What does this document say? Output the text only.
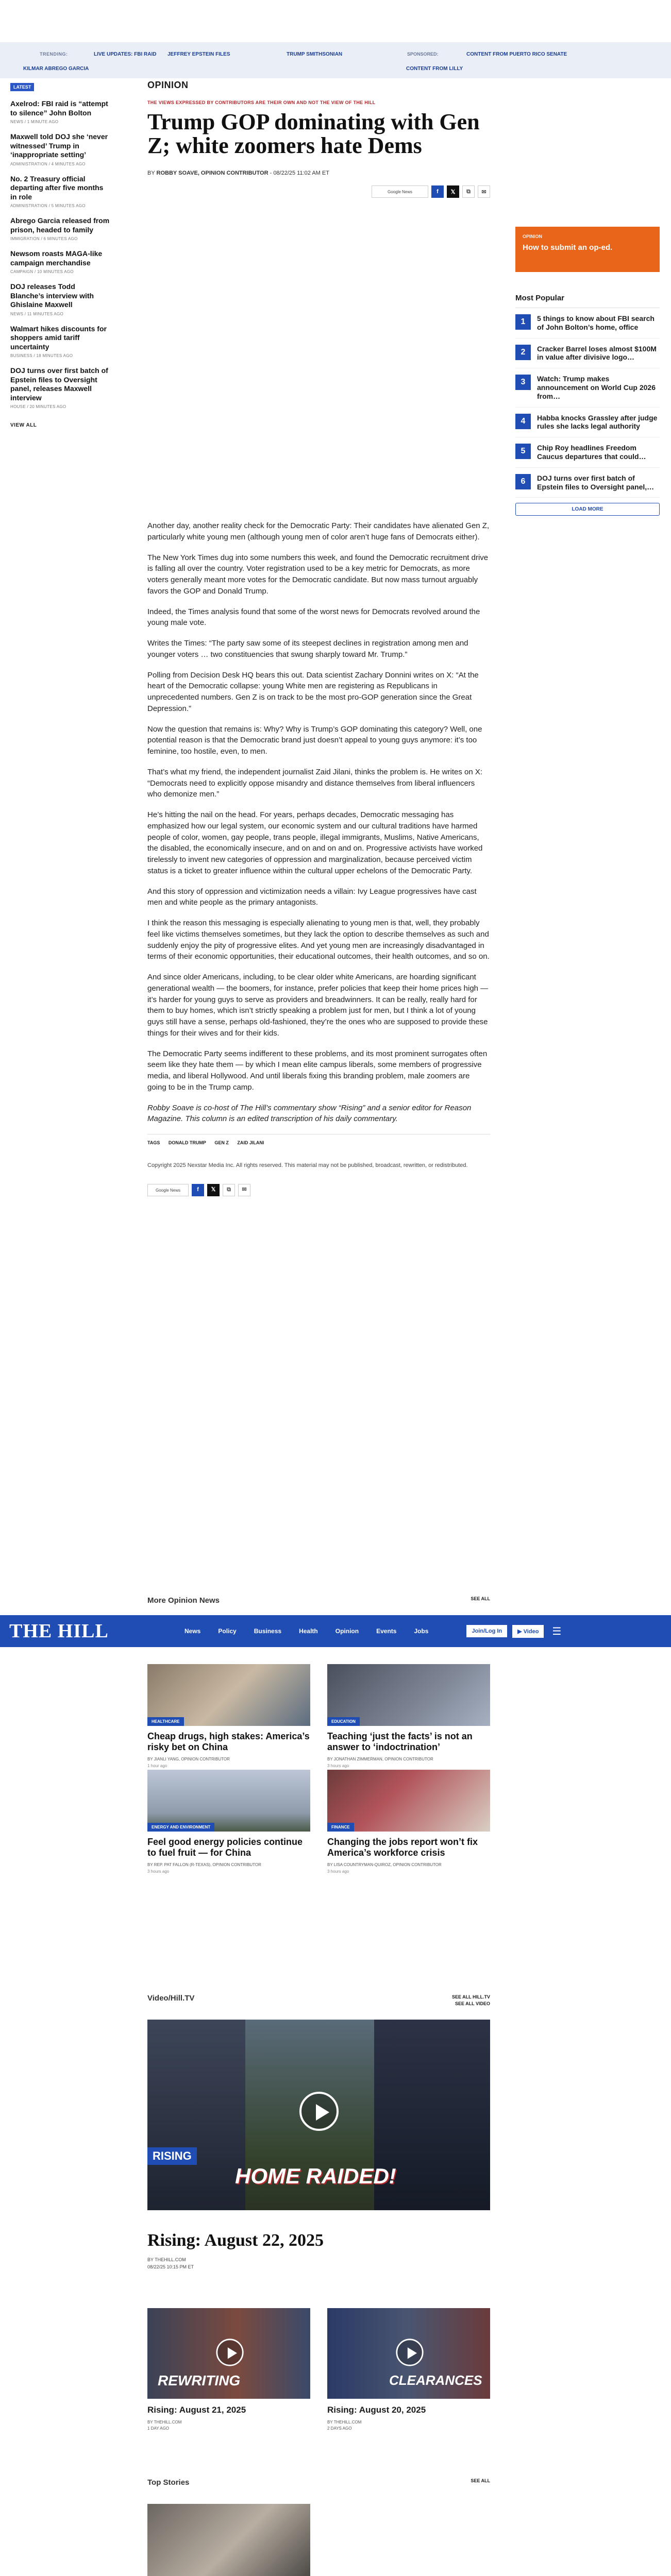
TRENDING:	LIVE UPDATES: FBI RAID JEFFREY EPSTEIN FILES	TRUMP SMITHSONIAN
KILMAR ABREGO GARCIA
SPONSORED:	CONTENT FROM PUERTO RICO SENATE
CONTENT FROM LILLY
LATEST
Axelrod: FBI raid is “attempt to silence” John Bolton
NEWS / 1 MINUTE AGO
Maxwell told DOJ she ‘never witnessed’ Trump in ‘inappropriate setting’
ADMINISTRATION / 4 MINUTES AGO
No. 2 Treasury official departing after five months in role
ADMINISTRATION / 5 MINUTES AGO
Abrego Garcia released from prison, headed to family
IMMIGRATION / 6 MINUTES AGO
Newsom roasts MAGA-like campaign merchandise
CAMPAIGN / 10 MINUTES AGO
DOJ releases Todd Blanche’s interview with Ghislaine Maxwell
NEWS / 11 MINUTES AGO
Walmart hikes discounts for shoppers amid tariff uncertainty
BUSINESS / 18 MINUTES AGO
DOJ turns over first batch of Epstein files to Oversight panel, releases Maxwell interview
HOUSE / 20 MINUTES AGO
VIEW ALL
OPINION
THE VIEWS EXPRESSED BY CONTRIBUTORS ARE THEIR OWN AND NOT THE VIEW OF THE HILL
Trump GOP dominating with Gen Z; white zoomers hate Dems
BY ROBBY SOAVE, OPINION CONTRIBUTOR - 08/22/25 11:02 AM ET
Google News	f	𝕏	⧉	✉

Another day, another reality check for the Democratic Party: Their candidates have alienated Gen Z, particularly white young men (although young men of color aren’t huge fans of Democrats either).

The New York Times dug into some numbers this week, and found the Democratic recruitment drive is falling all over the country. Voter registration used to be a key metric for Democrats, as more voters generally meant more votes for the Democratic candidate. But now mass turnout arguably favors the GOP and Donald Trump.

Indeed, the Times analysis found that some of the worst news for Democrats revolved around the young male vote.

Writes the Times: “The party saw some of its steepest declines in registration among men and younger voters … two constituencies that swung sharply toward Mr. Trump.”

Polling from Decision Desk HQ bears this out. Data scientist Zachary Donnini writes on X: “At the heart of the Democratic collapse: young White men are registering as Republicans in unprecedented numbers. Gen Z is on track to be the most pro-GOP generation since the Great Depression.”

Now the question that remains is: Why? Why is Trump’s GOP dominating this category? Well, one potential reason is that the Democratic brand just doesn’t appeal to young guys anymore: it’s too feminine, too hostile, even, to men.

That’s what my friend, the independent journalist Zaid Jilani, thinks the problem is. He writes on X: “Democrats need to explicitly oppose misandry and distance themselves from liberal influencers who demonize men.”

He’s hitting the nail on the head. For years, perhaps decades, Democratic messaging has emphasized how our legal system, our economic system and our cultural traditions have harmed people of color, women, gay people, trans people, illegal immigrants, Muslims, Native Americans, the disabled, the economically insecure, and on and on and on. Progressive activists have worked tirelessly to invent new categories of oppression and marginalization, because perceived victim status is a ticket to greater influence within the cultural upper echelons of the Democratic Party.

And this story of oppression and victimization needs a villain: Ivy League progressives have cast men and white people as the primary antagonists.

I think the reason this messaging is especially alienating to young men is that, well, they probably feel like victims themselves sometimes, but they lack the option to describe themselves as such and suddenly enjoy the pity of progressive elites. And yet young men are increasingly disadvantaged in terms of their economic opportunities, their educational outcomes, their health outcomes, and so on.

And since older Americans, including, to be clear older white Americans, are hoarding significant generational wealth — the boomers, for instance, prefer policies that keep their home prices high — it’s harder for young guys to serve as providers and breadwinners. It can be really, really hard for them to buy homes, which isn’t strictly speaking a problem just for men, but I think a lot of young guys still have a sense, perhaps old-fashioned, they’re the ones who are supposed to provide these things for their wives and for their kids.

The Democratic Party seems indifferent to these problems, and its most prominent surrogates often seem like they hate them — by which I mean elite campus liberals, some members of progressive media, and liberal Hollywood. And until liberals fixing this branding problem, male zoomers are going to be in the Trump camp.

Robby Soave is co-host of The Hill’s commentary show “Rising” and a senior editor for Reason Magazine. This column is an edited transcription of his daily commentary.

TAGS DONALD TRUMP GEN Z ZAID JILANI
Copyright 2025 Nexstar Media Inc. All rights reserved. This material may not be published, broadcast, rewritten, or redistributed.
Google News	f	𝕏	⧉	✉
OPINION
How to submit an op-ed.
Most Popular
1	5 things to know about FBI search of John Bolton’s home, office
2	Cracker Barrel loses almost $100M in value after divisive logo…
3	Watch: Trump makes announcement on World Cup 2026 from…
4	Habba knocks Grassley after judge rules she lacks legal authority
5	Chip Roy headlines Freedom Caucus departures that could…
6	DOJ turns over first batch of Epstein files to Oversight panel,…
LOAD MORE
More Opinion News	SEE ALL
THE HILL	News	Policy	Business	Health	Opinion	Events	Jobs	Join/Log In	▶ Video	☰
HEALTHCARE
Cheap drugs, high stakes: America’s risky bet on China
BY JIANLI YANG, OPINION CONTRIBUTOR
1 hour ago
EDUCATION
Teaching ‘just the facts’ is not an answer to ‘indoctrination’
BY JONATHAN ZIMMERMAN, OPINION CONTRIBUTOR
3 hours ago
ENERGY AND ENVIRONMENT
Feel good energy policies continue to fuel fruit — for China
BY REP. PAT FALLON (R-TEXAS), OPINION CONTRIBUTOR
3 hours ago
FINANCE
Changing the jobs report won’t fix America’s workforce crisis
BY LISA COUNTRYMAN-QUIROZ, OPINION CONTRIBUTOR
3 hours ago
Video/Hill.TV	SEE ALL HILL.TV
SEE ALL VIDEO
RISING
HOME RAIDED!
Rising: August 22, 2025
BY THEHILL.COM
08/22/25 10:15 PM ET
REWRITING
Rising: August 21, 2025
BY THEHILL.COM
1 DAY AGO
CLEARANCES
Rising: August 20, 2025
BY THEHILL.COM
2 DAYS AGO
Top Stories	SEE ALL
